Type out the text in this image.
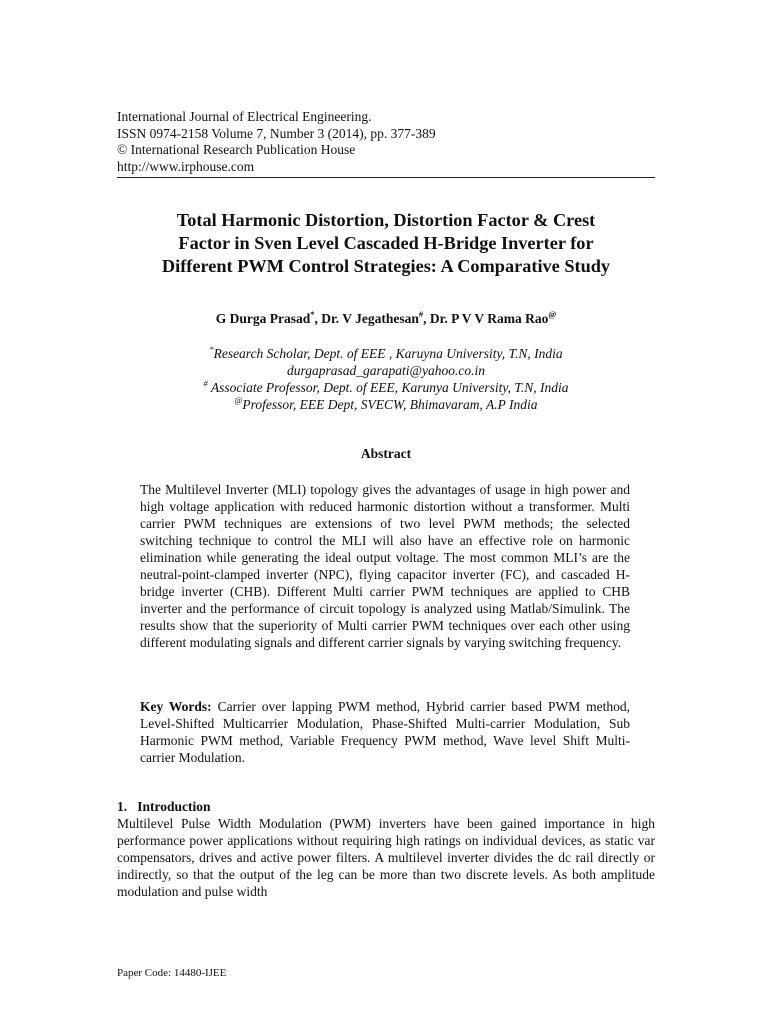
International Journal of Electrical Engineering.
ISSN 0974-2158 Volume 7, Number 3 (2014), pp. 377-389
© International Research Publication House
http://www.irphouse.com
Total Harmonic Distortion, Distortion Factor & Crest
Factor in Sven Level Cascaded H-Bridge Inverter for
Different PWM Control Strategies: A Comparative Study
G Durga Prasad*, Dr. V Jegathesan#, Dr. P V V Rama Rao@
*Research Scholar, Dept. of EEE , Karuyna University, T.N, India
durgaprasad_garapati@yahoo.co.in
# Associate Professor, Dept. of EEE, Karunya University, T.N, India
@Professor, EEE Dept, SVECW, Bhimavaram, A.P India
Abstract
The Multilevel Inverter (MLI) topology gives the advantages of usage in high power and high voltage application with reduced harmonic distortion without a transformer. Multi carrier PWM techniques are extensions of two level PWM methods; the selected switching technique to control the MLI will also have an effective role on harmonic elimination while generating the ideal output voltage. The most common MLI’s are the neutral-point-clamped inverter (NPC), flying capacitor inverter (FC), and cascaded H-bridge inverter (CHB). Different Multi carrier PWM techniques are applied to CHB inverter and the performance of circuit topology is analyzed using Matlab/Simulink. The results show that the superiority of Multi carrier PWM techniques over each other using different modulating signals and different carrier signals by varying switching frequency.
Key Words: Carrier over lapping PWM method, Hybrid carrier based PWM method, Level-Shifted Multicarrier Modulation, Phase-Shifted Multi-carrier Modulation, Sub Harmonic PWM method, Variable Frequency PWM method, Wave level Shift Multi-carrier Modulation.
1.   Introduction
Multilevel Pulse Width Modulation (PWM) inverters have been gained importance in high performance power applications without requiring high ratings on individual devices, as static var compensators, drives and active power filters. A multilevel inverter divides the dc rail directly or indirectly, so that the output of the leg can be more than two discrete levels. As both amplitude modulation and pulse width
Paper Code: 14480-IJEE
